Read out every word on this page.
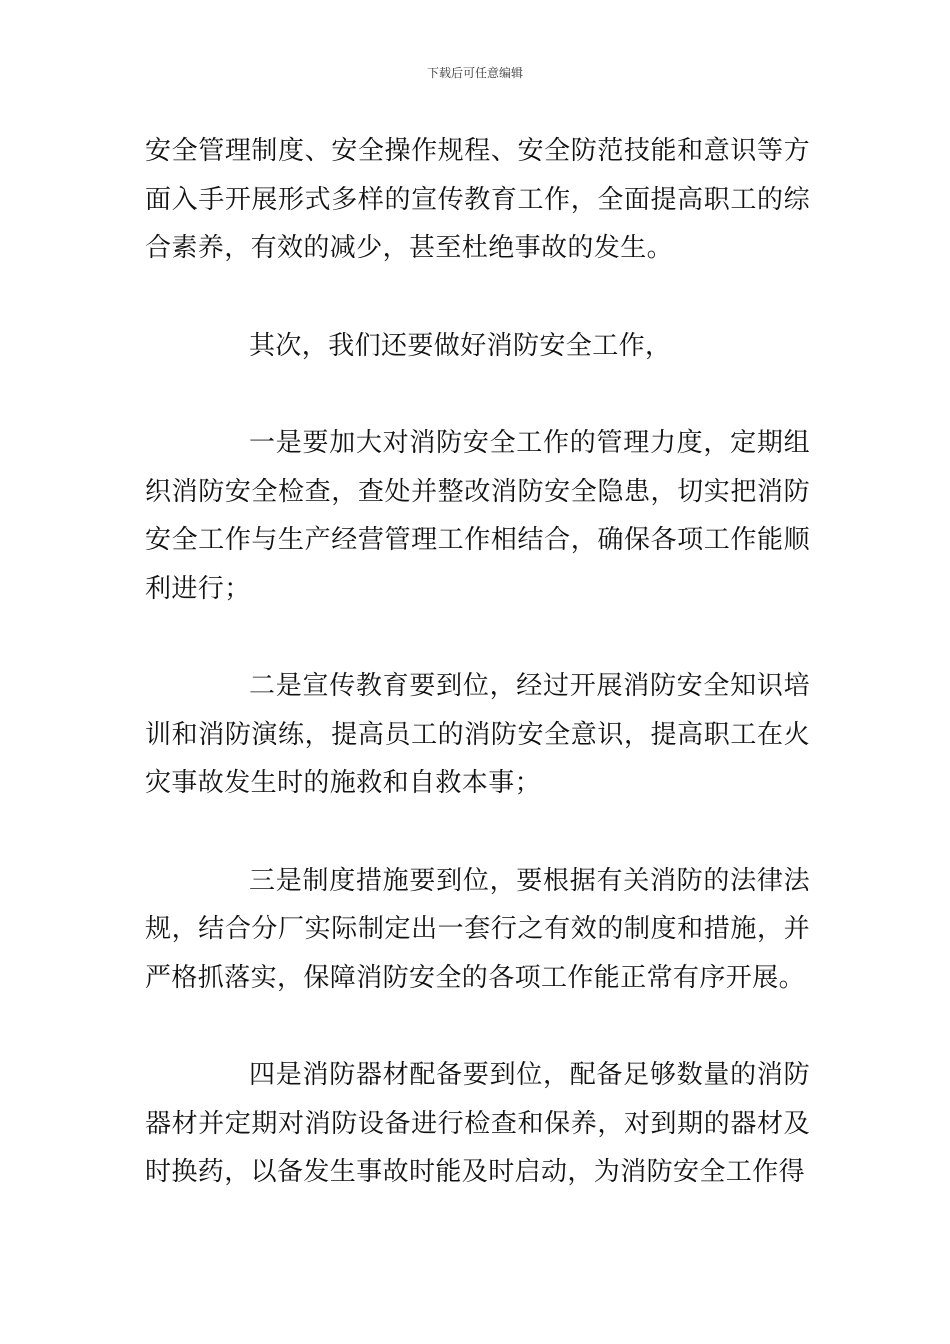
下载后可任意编辑

安全管理制度、安全操作规程、安全防范技能和意识等方面入手开展形式多样的宣传教育工作，全面提高职工的综合素养，有效的减少，甚至杜绝事故的发生。

其次，我们还要做好消防安全工作，

一是要加大对消防安全工作的管理力度，定期组织消防安全检查，查处并整改消防安全隐患，切实把消防安全工作与生产经营管理工作相结合，确保各项工作能顺利进行；

二是宣传教育要到位，经过开展消防安全知识培训和消防演练，提高员工的消防安全意识，提高职工在火灾事故发生时的施救和自救本事；

三是制度措施要到位，要根据有关消防的法律法规，结合分厂实际制定出一套行之有效的制度和措施，并严格抓落实，保障消防安全的各项工作能正常有序开展。

四是消防器材配备要到位，配备足够数量的消防器材并定期对消防设备进行检查和保养，对到期的器材及时换药，以备发生事故时能及时启动，为消防安全工作得
